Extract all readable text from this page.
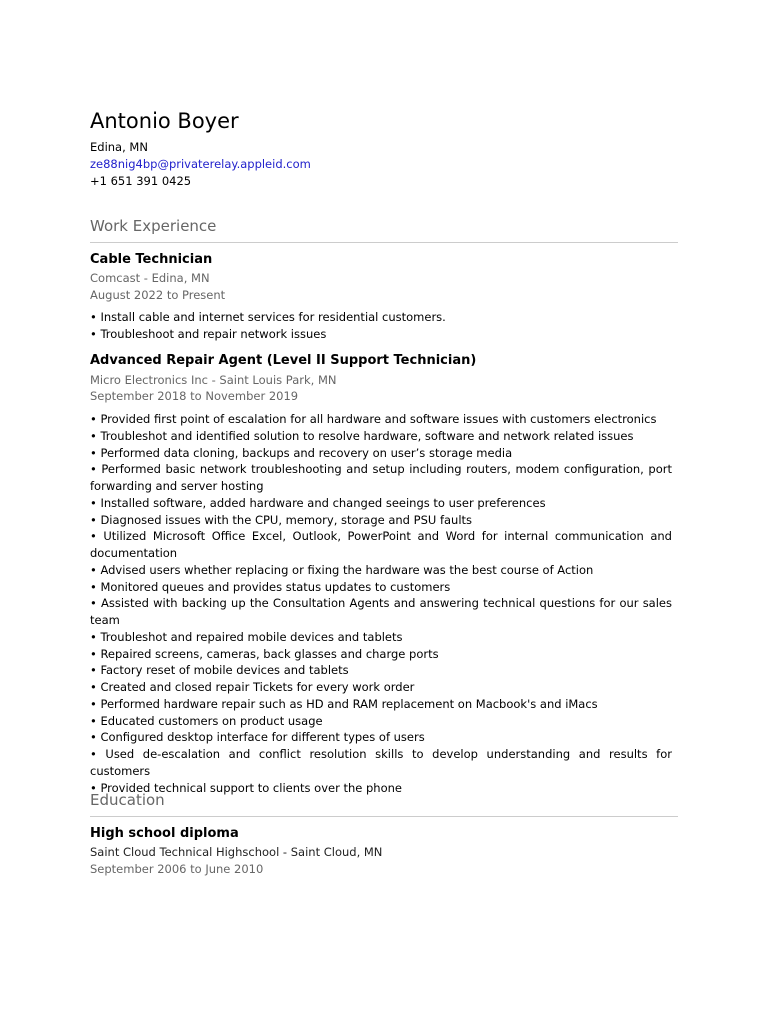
Antonio Boyer
Edina, MN
ze88nig4bp@privaterelay.appleid.com
+1 651 391 0425
Work Experience
Cable Technician
Comcast - Edina, MN
August 2022 to Present
• Install cable and internet services for residential customers.
• Troubleshoot and repair network issues
Advanced Repair Agent (Level II Support Technician)
Micro Electronics Inc - Saint Louis Park, MN
September 2018 to November 2019
• Provided first point of escalation for all hardware and software issues with customers electronics
• Troubleshot and identified solution to resolve hardware, software and network related issues
• Performed data cloning, backups and recovery on user’s storage media
• Performed basic network troubleshooting and setup including routers, modem configuration, port forwarding and server hosting
• Installed software, added hardware and changed seeings to user preferences
• Diagnosed issues with the CPU, memory, storage and PSU faults
• Utilized Microsoft Office Excel, Outlook, PowerPoint and Word for internal communication and documentation
• Advised users whether replacing or fixing the hardware was the best course of Action
• Monitored queues and provides status updates to customers
• Assisted with backing up the Consultation Agents and answering technical questions for our sales team
• Troubleshot and repaired mobile devices and tablets
• Repaired screens, cameras, back glasses and charge ports
• Factory reset of mobile devices and tablets
• Created and closed repair Tickets for every work order
• Performed hardware repair such as HD and RAM replacement on Macbook's and iMacs
• Educated customers on product usage
• Configured desktop interface for different types of users
• Used de-escalation and conflict resolution skills to develop understanding and results for customers
• Provided technical support to clients over the phone
Education
High school diploma
Saint Cloud Technical Highschool - Saint Cloud, MN
September 2006 to June 2010
